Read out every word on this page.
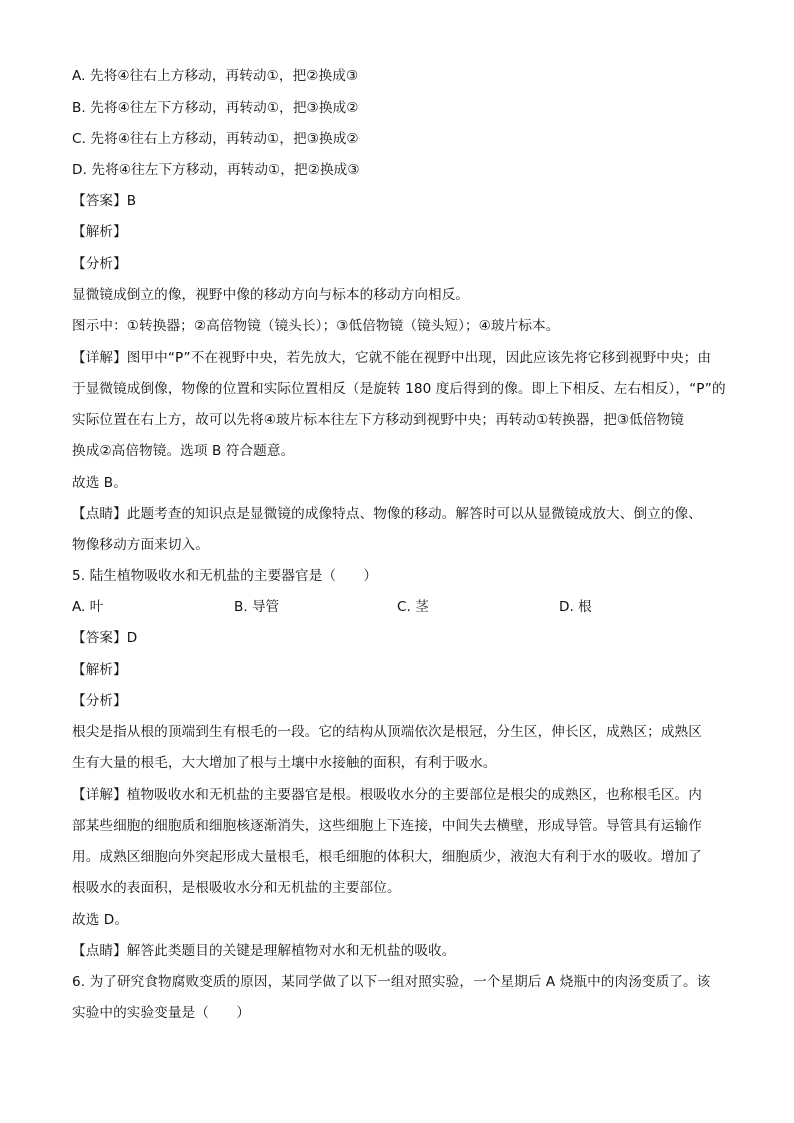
A. 先将④往右上方移动，再转动①，把②换成③
B. 先将④往左下方移动，再转动①，把③换成②
C. 先将④往右上方移动，再转动①，把③换成②
D. 先将④往左下方移动，再转动①，把②换成③
【答案】B
【解析】
【分析】
显微镜成倒立的像，视野中像的移动方向与标本的移动方向相反。
图示中：①转换器；②高倍物镜（镜头长）；③低倍物镜（镜头短）；④玻片标本。
【详解】图甲中“P”不在视野中央，若先放大，它就不能在视野中出现，因此应该先将它移到视野中央；由
于显微镜成倒像，物像的位置和实际位置相反（是旋转 180 度后得到的像。即上下相反、左右相反），“P”的
实际位置在右上方，故可以先将④玻片标本往左下方移动到视野中央；再转动①转换器，把③低倍物镜
换成②高倍物镜。选项 B 符合题意。
故选 B。
【点睛】此题考查的知识点是显微镜的成像特点、物像的移动。解答时可以从显微镜成放大、倒立的像、
物像移动方面来切入。
5. 陆生植物吸收水和无机盐的主要器官是（　　）
A. 叶	B. 导管	C. 茎	D. 根
【答案】D
【解析】
【分析】
根尖是指从根的顶端到生有根毛的一段。它的结构从顶端依次是根冠，分生区，伸长区，成熟区；成熟区
生有大量的根毛，大大增加了根与土壤中水接触的面积，有利于吸水。
【详解】植物吸收水和无机盐的主要器官是根。根吸收水分的主要部位是根尖的成熟区，也称根毛区。内
部某些细胞的细胞质和细胞核逐渐消失，这些细胞上下连接，中间失去横壁，形成导管。导管具有运输作
用。成熟区细胞向外突起形成大量根毛，根毛细胞的体积大，细胞质少，液泡大有利于水的吸收。增加了
根吸水的表面积，是根吸收水分和无机盐的主要部位。
故选 D。
【点睛】解答此类题目的关键是理解植物对水和无机盐的吸收。
6. 为了研究食物腐败变质的原因，某同学做了以下一组对照实验，一个星期后 A 烧瓶中的肉汤变质了。该
实验中的实验变量是（　　）
